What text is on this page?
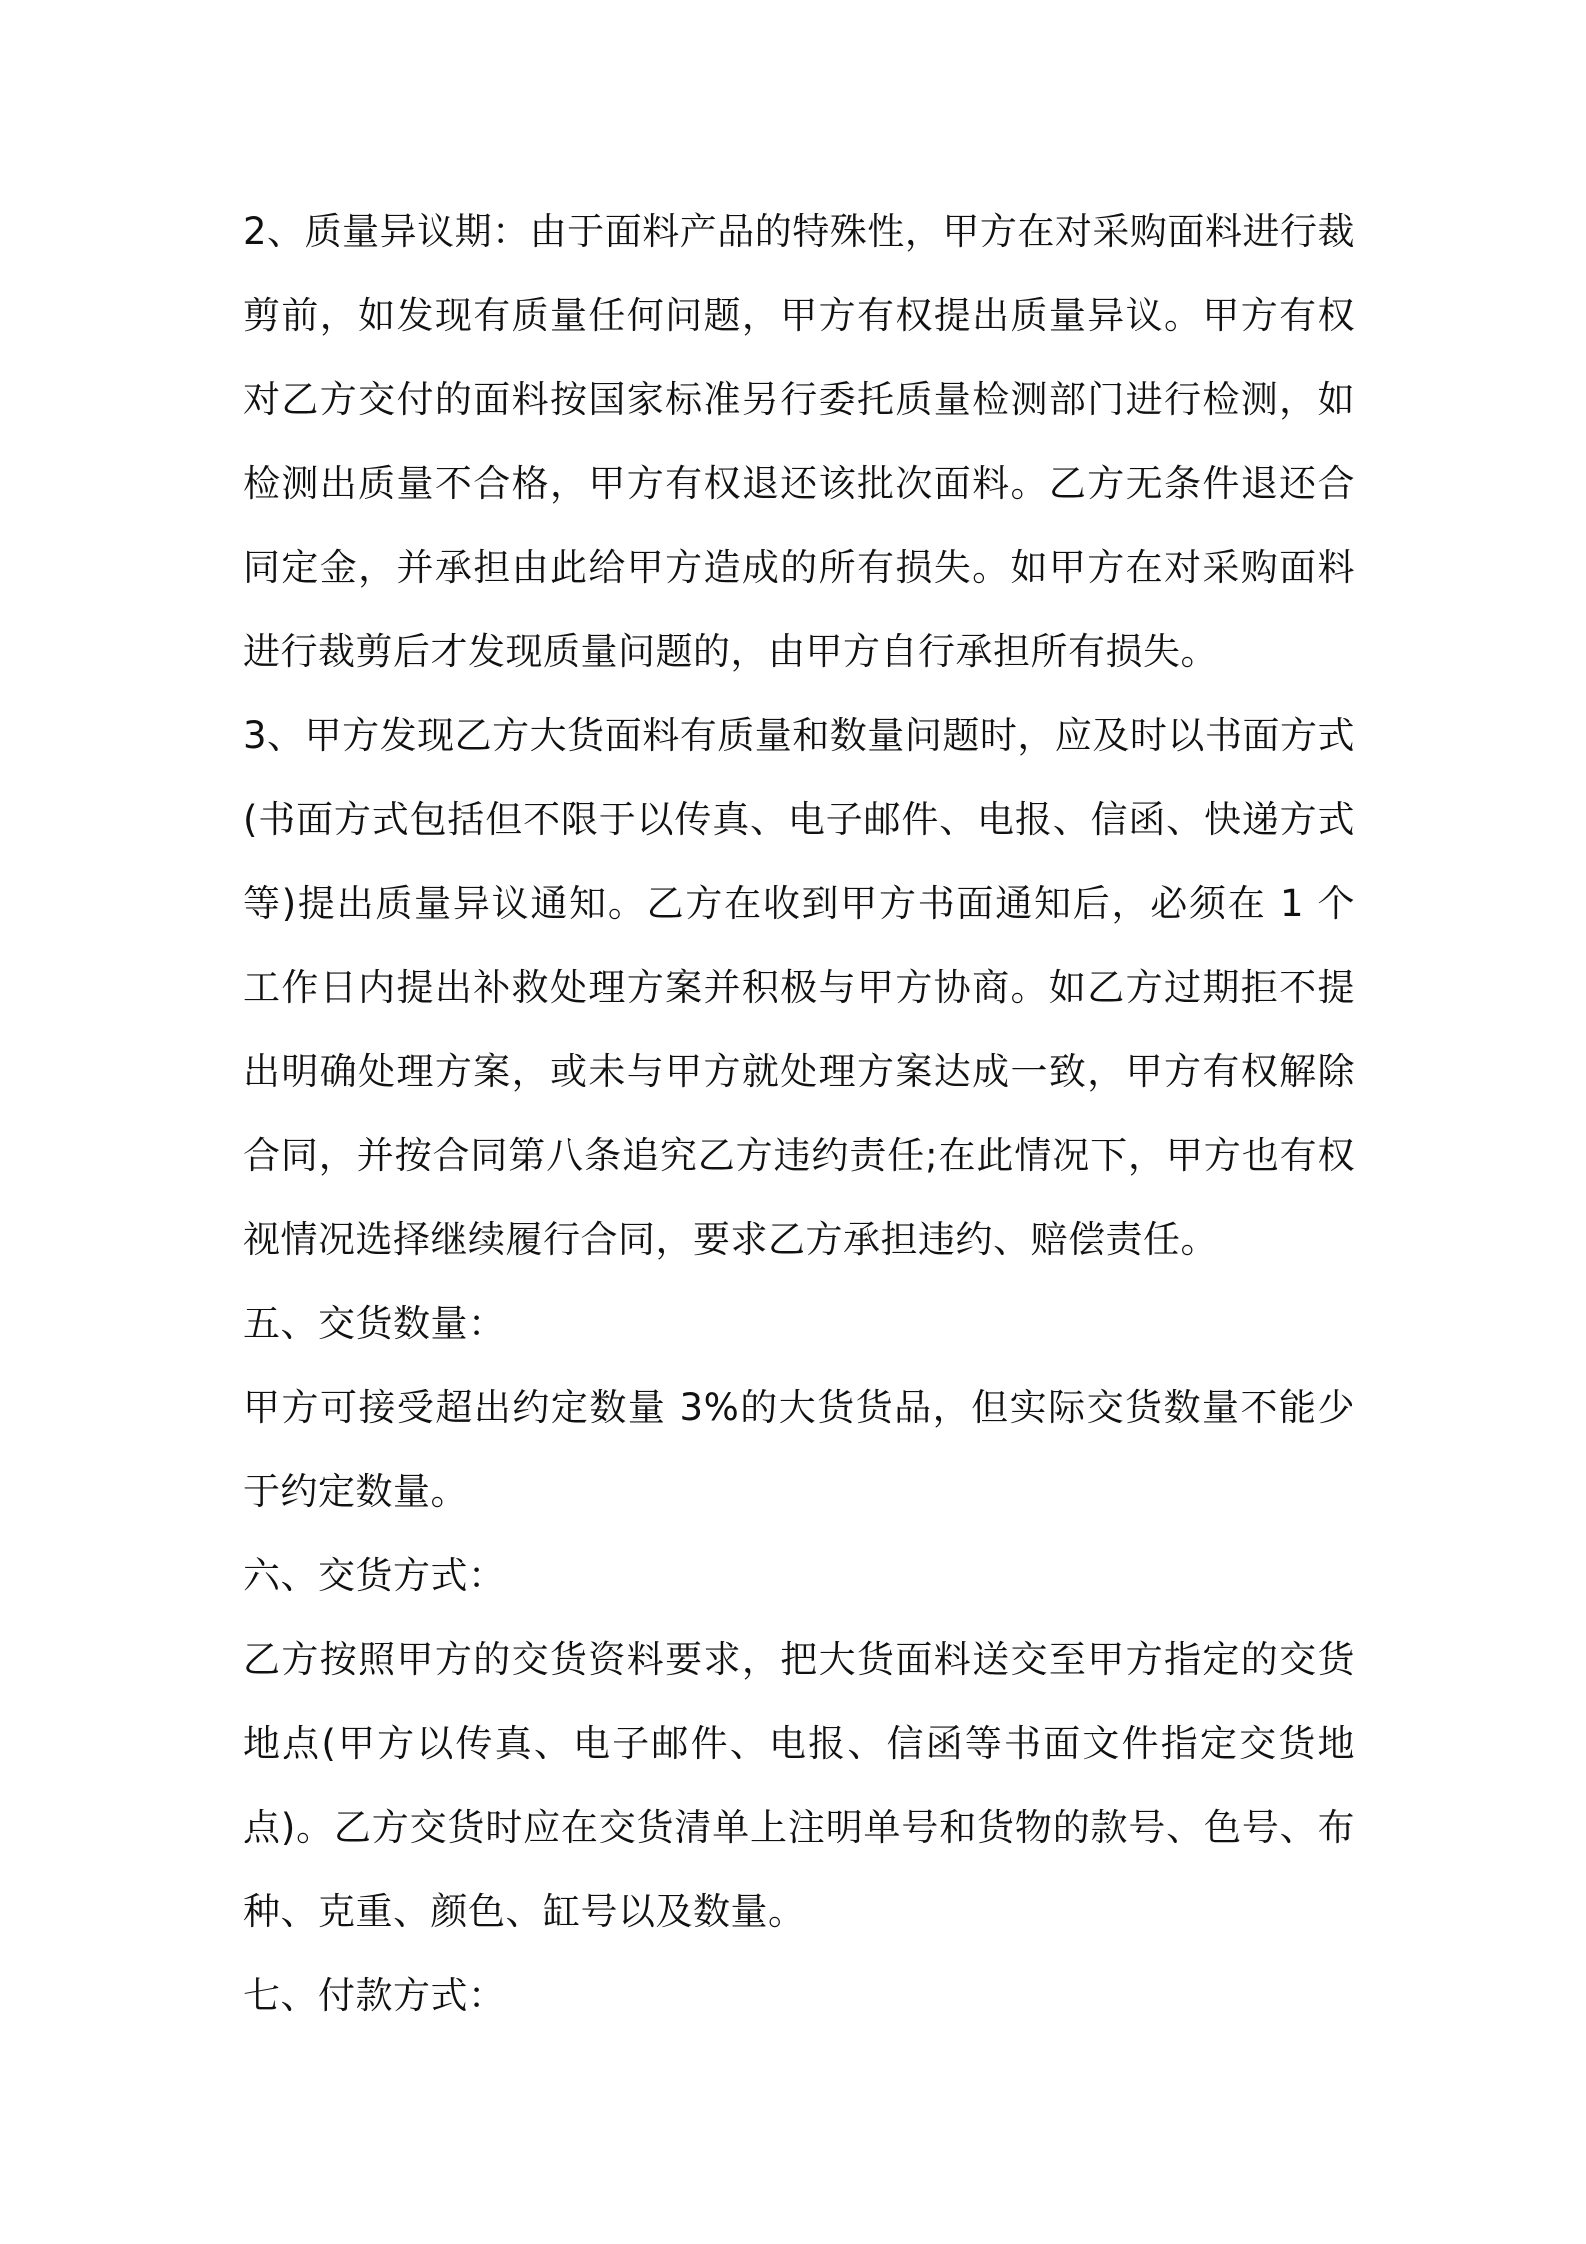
2、质量异议期：由于面料产品的特殊性，甲方在对采购面料进行裁剪前，如发现有质量任何问题，甲方有权提出质量异议。甲方有权对乙方交付的面料按国家标准另行委托质量检测部门进行检测，如检测出质量不合格，甲方有权退还该批次面料。乙方无条件退还合同定金，并承担由此给甲方造成的所有损失。如甲方在对采购面料进行裁剪后才发现质量问题的，由甲方自行承担所有损失。

3、甲方发现乙方大货面料有质量和数量问题时，应及时以书面方式(书面方式包括但不限于以传真、电子邮件、电报、信函、快递方式等)提出质量异议通知。乙方在收到甲方书面通知后，必须在 1 个工作日内提出补救处理方案并积极与甲方协商。如乙方过期拒不提出明确处理方案，或未与甲方就处理方案达成一致，甲方有权解除合同，并按合同第八条追究乙方违约责任;在此情况下，甲方也有权视情况选择继续履行合同，要求乙方承担违约、赔偿责任。

五、交货数量：

甲方可接受超出约定数量 3%的大货货品，但实际交货数量不能少于约定数量。

六、交货方式：

乙方按照甲方的交货资料要求，把大货面料送交至甲方指定的交货地点(甲方以传真、电子邮件、电报、信函等书面文件指定交货地点)。乙方交货时应在交货清单上注明单号和货物的款号、色号、布种、克重、颜色、缸号以及数量。

七、付款方式：
